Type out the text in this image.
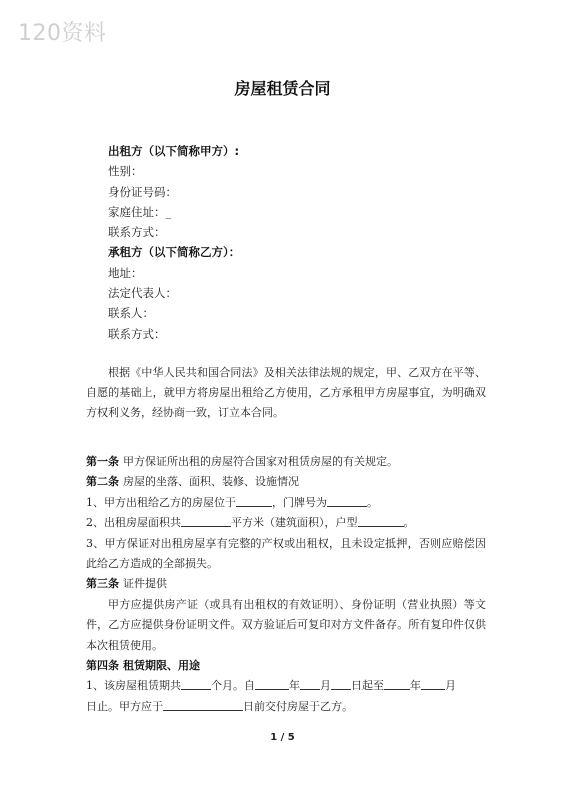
120资料
房屋租赁合同
出租方（以下简称甲方）:
性别：
身份证号码：
家庭住址：_
联系方式：
承租方（以下简称乙方）：
地址：
法定代表人：
联系人：
联系方式：

根据《中华人民共和国合同法》及相关法律法规的规定，甲、乙双方在平等、自愿的基础上，就甲方将房屋出租给乙方使用，乙方承租甲方房屋事宜，为明确双方权利义务，经协商一致，订立本合同。

第一条 甲方保证所出租的房屋符合国家对租赁房屋的有关规定。
第二条 房屋的坐落、面积、装修、设施情况
1、甲方出租给乙方的房屋位于	，门牌号为	。
2、出租房屋面积共	平方米（建筑面积），户型	。
3、甲方保证对出租房屋享有完整的产权或出租权，且未设定抵押，否则应赔偿因此给乙方造成的全部损失。
第三条 证件提供
甲方应提供房产证（或具有出租权的有效证明）、身份证明（营业执照）等文件，乙方应提供身份证明文件。双方验证后可复印对方文件备存。所有复印件仅供本次租赁使用。
第四条 租赁期限、用途
1、该房屋租赁期共	个月。自	年 月 日起至 年 月
日止。甲方应于	日前交付房屋于乙方。
1 / 5
